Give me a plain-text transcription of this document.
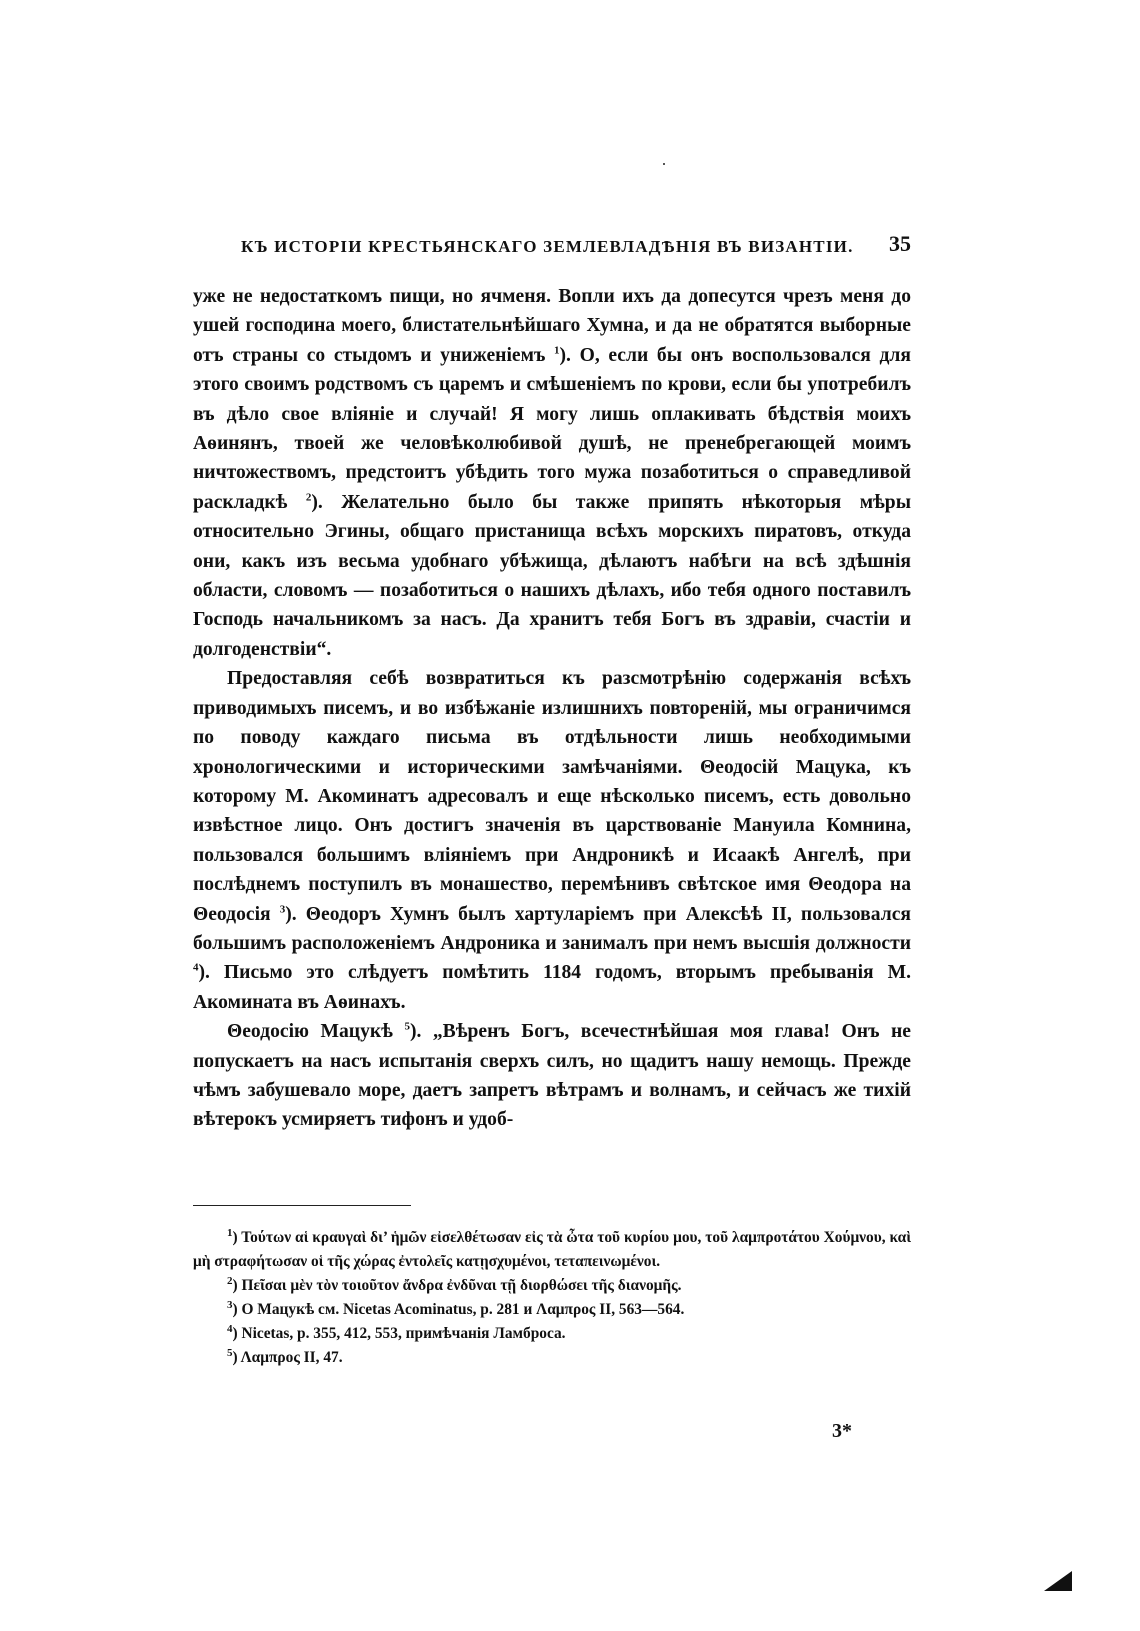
КЪ ИСТОРІИ КРЕСТЬЯНСКАГО ЗЕМЛЕВЛАДѢНІЯ ВЪ ВИЗАНТІИ. 35

уже не недостаткомъ пищи, но ячменя. Вопли ихъ да допесутся чрезъ меня до ушей господина моего, блистательнѣйшаго Хумна, и да не обратятся выборные отъ страны со стыдомъ и униженіемъ $^1$). О, если бы онъ воспользовался для этого своимъ родствомъ съ царемъ и смѣшеніемъ по крови, если бы употребилъ въ дѣло свое вліяніе и случай! Я могу лишь оплакивать бѣдствія моихъ Аѳинянъ, твоей же человѣколюбивой душѣ, не пренебрегающей моимъ ничтожествомъ, предстоитъ убѣдить того мужа позаботиться о справедливой раскладкѣ $^2$). Желательно было бы также припять нѣкоторыя мѣры относительно Эгины, общаго пристанища всѣхъ морскихъ пиратовъ, откуда они, какъ изъ весьма удобнаго убѣжища, дѣлаютъ набѣги на всѣ здѣшнія области, словомъ — позаботиться о нашихъ дѣлахъ, ибо тебя одного поставилъ Господь начальникомъ за насъ. Да хранитъ тебя Богъ въ здравіи, счастіи и долгоденствіи“.

Предоставляя себѣ возвратиться къ разсмотрѣнію содержанія всѣхъ приводимыхъ писемъ, и во избѣжаніе излишнихъ повтореній, мы ограничимся по поводу каждаго письма въ отдѣльности лишь необходимыми хронологическими и историческими замѣчаніями. Θеодосій Мацука, къ которому М. Акоминатъ адресовалъ и еще нѣсколько писемъ, есть довольно извѣстное лицо. Онъ достигъ значенія въ царствованіе Мануила Комнина, пользовался большимъ вліяніемъ при Андроникѣ и Исаакѣ Ангелѣ, при послѣднемъ поступилъ въ монашество, перемѣнивъ свѣтское имя Θеодора на Θеодосія $^3$). Θеодоръ Хумнъ былъ хартуларіемъ при Алексѣѣ II, пользовался большимъ расположеніемъ Андроника и занималъ при немъ высшія должности $^4$). Письмо это слѣдуетъ помѣтить 1184 годомъ, вторымъ пребыванія М. Акомината въ Аѳинахъ.

Θеодосію Мацукѣ $^5$). „Вѣренъ Богъ, всечестнѣйшая моя глава! Онъ не попускаетъ на насъ испытанія сверхъ силъ, но щадитъ нашу немощь. Прежде чѣмъ забушевало море, даетъ запретъ вѣтрамъ и волнамъ, и сейчасъ же тихій вѣтерокъ усмиряетъ тифонъ и удоб-

$^1$) Τούτων αἱ κραυγαὶ δι’ ἡμῶν εἰσελθέτωσαν εἰς τὰ ὦτα τοῦ κυρίου μου, τοῦ λαμπροτάτου Χούμνου, καὶ μὴ στραφήτωσαν οἱ τῆς χώρας ἐντολεῖς κατῃσχυμένοι, τεταπεινωμένοι.

$^2$) Πεῖσαι μὲν τὸν τοιοῦτον ἄνδρα ἐνδῦναι τῇ διορθώσει τῆς διανομῆς.

$^3$) О Мацукѣ см. Nicetas Acominatus, p. 281 и Λαμπρος II, 563—564.

$^4$) Nicetas, p. 355, 412, 553, примѣчанія Ламброса.

$^5$) Λαμπρος II, 47.

3*
